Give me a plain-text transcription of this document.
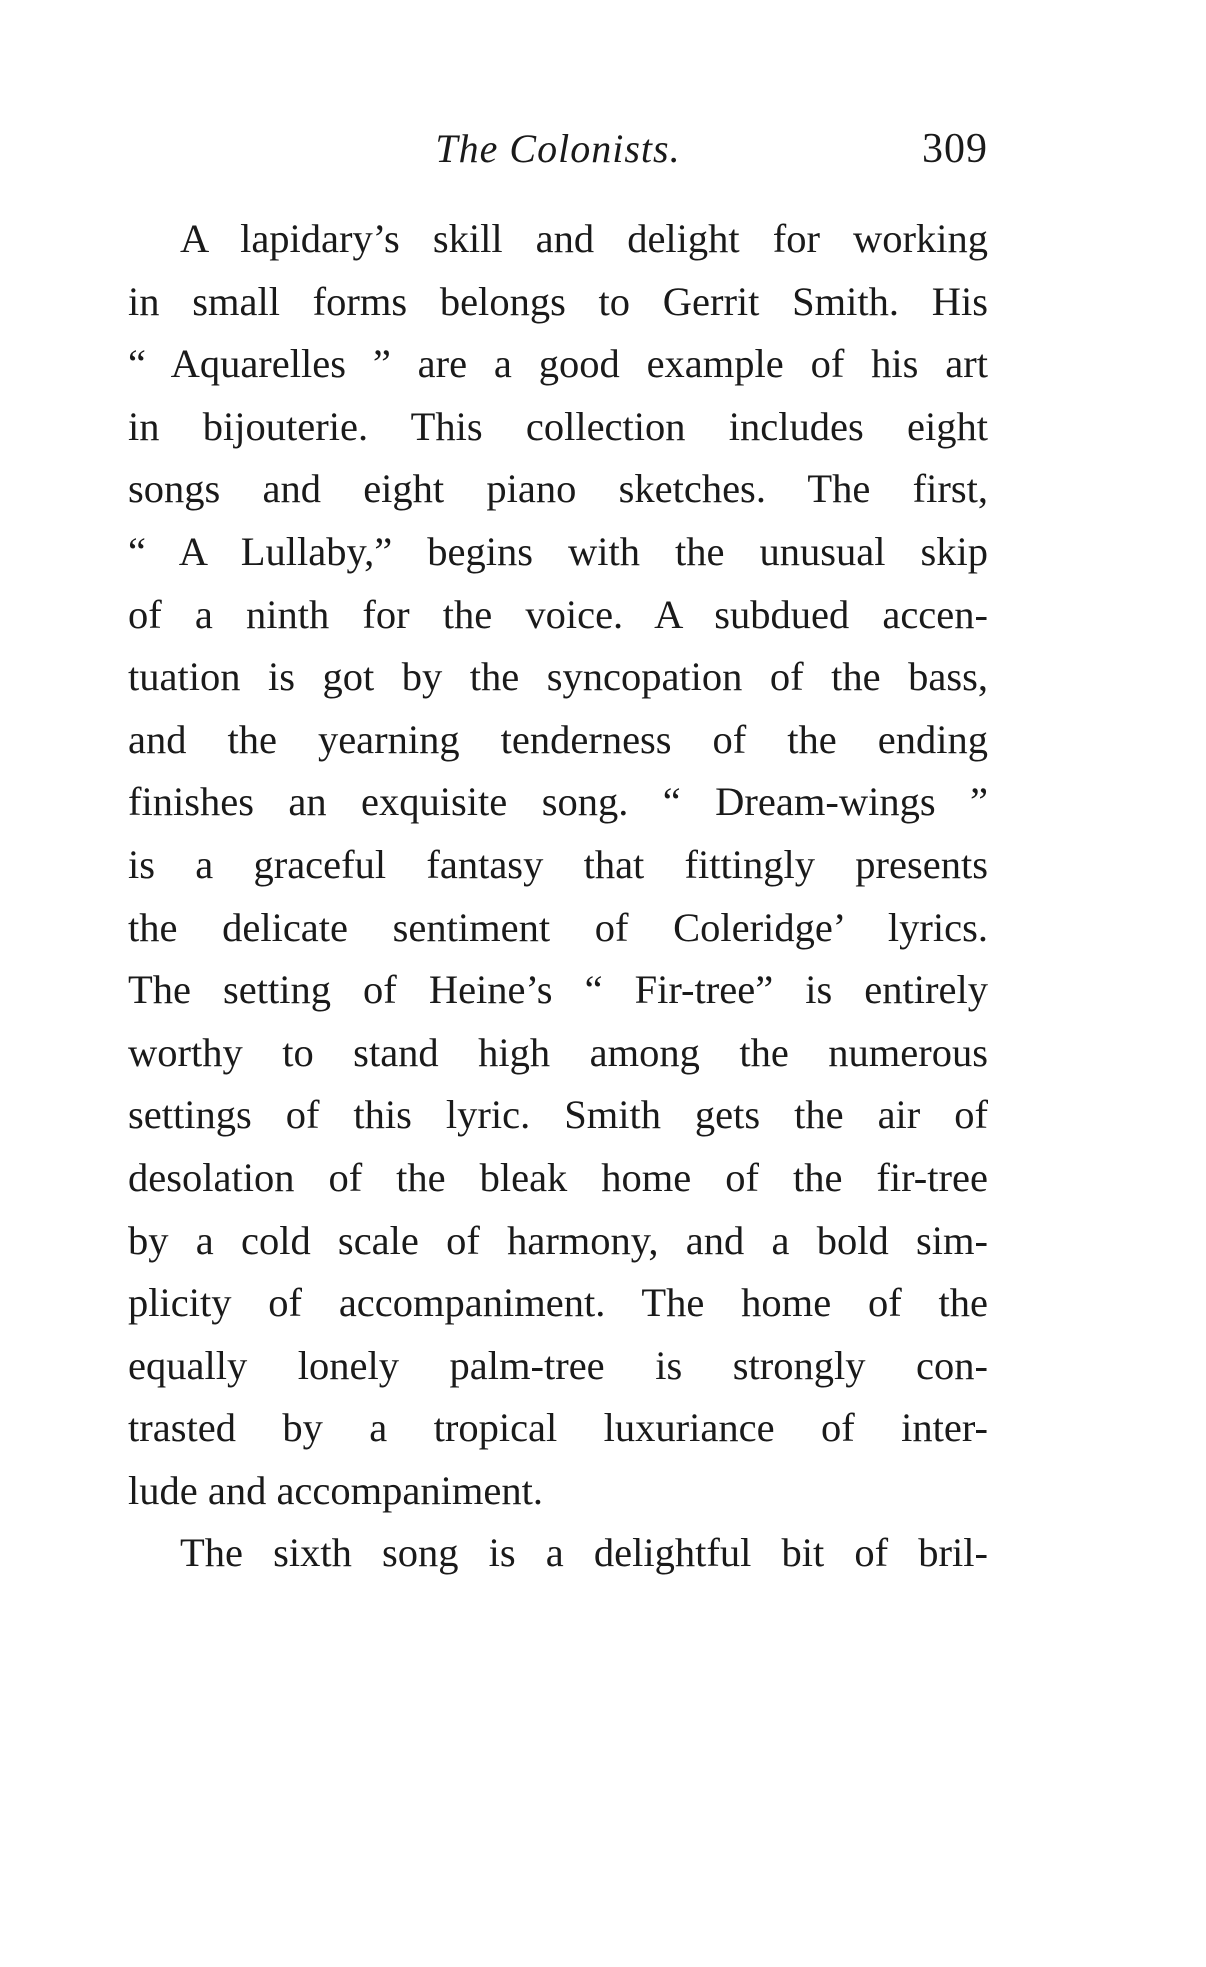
The Colonists.	309
A lapidary’s skill and delight for working
in small forms belongs to Gerrit Smith. His
“ Aquarelles ” are a good example of his art
in bijouterie. This collection includes eight
songs and eight piano sketches. The first,
“ A Lullaby,” begins with the unusual skip
of a ninth for the voice. A subdued accen-
tuation is got by the syncopation of the bass,
and the yearning tenderness of the ending
finishes an exquisite song. “ Dream-wings ”
is a graceful fantasy that fittingly presents
the delicate sentiment of Coleridge’ lyrics.
The setting of Heine’s “ Fir-tree” is entirely
worthy to stand high among the numerous
settings of this lyric. Smith gets the air of
desolation of the bleak home of the fir-tree
by a cold scale of harmony, and a bold sim-
plicity of accompaniment. The home of the
equally lonely palm-tree is strongly con-
trasted by a tropical luxuriance of inter-
lude and accompaniment.
The sixth song is a delightful bit of bril-
